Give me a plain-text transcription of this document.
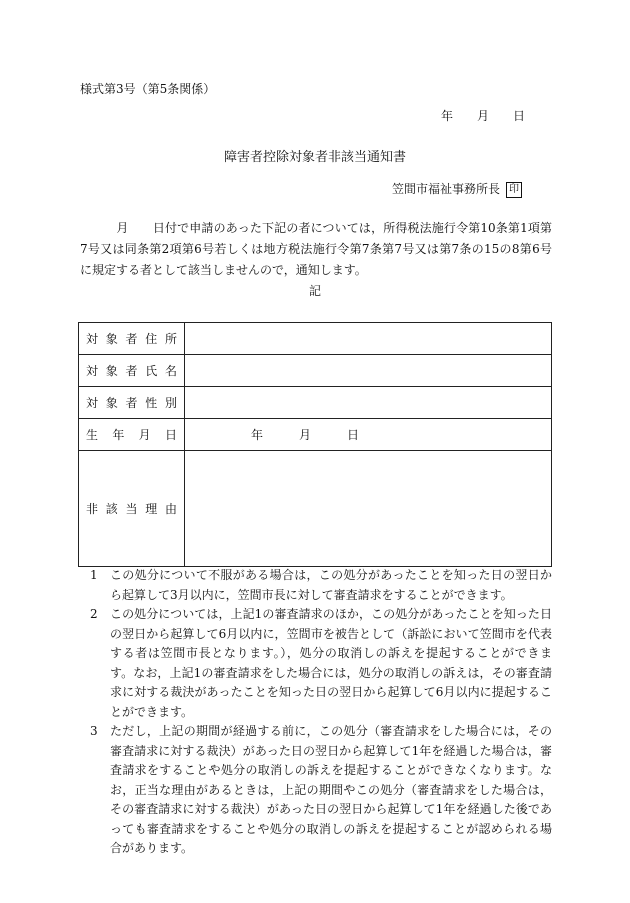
様式第3号（第5条関係）
年 月 日
障害者控除対象者非該当通知書
笠間市福祉事務所長 印
　　　月　　日付で申請のあった下記の者については，所得税法施行令第10条第1項第7号又は同条第2項第6号若しくは地方税法施行令第7条第7号又は第7条の15の8第6号に規定する者として該当しませんので，通知します。
記
対象者住所	
対象者氏名	
対象者性別	
生年月日	年 月 日
非該当理由	
1	この処分について不服がある場合は，この処分があったことを知った日の翌日から起算して3月以内に，笠間市長に対して審査請求をすることができます。
2	この処分については，上記1の審査請求のほか，この処分があったことを知った日の翌日から起算して6月以内に，笠間市を被告として（訴訟において笠間市を代表する者は笠間市長となります。），処分の取消しの訴えを提起することができます。なお，上記1の審査請求をした場合には，処分の取消しの訴えは，その審査請求に対する裁決があったことを知った日の翌日から起算して6月以内に提起することができます。
3	ただし，上記の期間が経過する前に，この処分（審査請求をした場合には，その審査請求に対する裁決）があった日の翌日から起算して1年を経過した場合は，審査請求をすることや処分の取消しの訴えを提起することができなくなります。なお，正当な理由があるときは，上記の期間やこの処分（審査請求をした場合は，その審査請求に対する裁決）があった日の翌日から起算して1年を経過した後であっても審査請求をすることや処分の取消しの訴えを提起することが認められる場合があります。
